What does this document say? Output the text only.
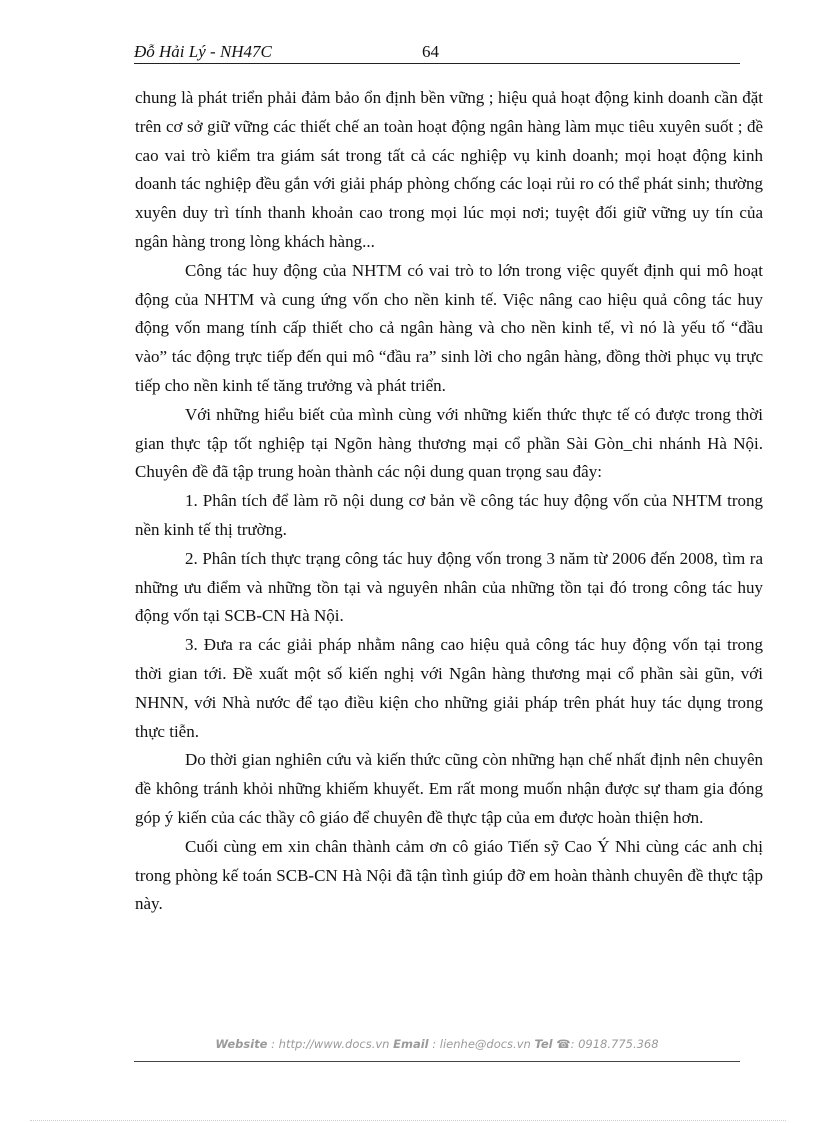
Đỗ Hải Lý - NH47C	64

chung là phát triển phải đảm bảo ổn định bền vững ; hiệu quả hoạt động kinh doanh cần đặt trên cơ sở giữ vững các thiết chế an toàn hoạt động ngân hàng làm mục tiêu xuyên suốt ; đề cao vai trò kiểm tra giám sát trong tất cả các nghiệp vụ kinh doanh; mọi hoạt động kinh doanh tác nghiệp đều gắn với giải pháp phòng chống các loại rủi ro có thể phát sinh; thường xuyên duy trì tính thanh khoản cao trong mọi lúc mọi nơi; tuyệt đối giữ vững uy tín của ngân hàng trong lòng khách hàng...

Công tác huy động của NHTM có vai trò to lớn trong việc quyết định qui mô hoạt động của NHTM và cung ứng vốn cho nền kinh tế. Việc nâng cao hiệu quả công tác huy động vốn mang tính cấp thiết cho cả ngân hàng và cho nền kinh tế, vì nó là yếu tố “đầu vào” tác động trực tiếp đến qui mô “đầu ra” sinh lời cho ngân hàng, đồng thời phục vụ trực tiếp cho nền kinh tế tăng trưởng và phát triển.

Với những hiểu biết của mình cùng với những kiến thức thực tế có được trong thời gian thực tập tốt nghiệp tại Ngõn hàng thương mại cổ phần Sài Gòn_chi nhánh Hà Nội. Chuyên đề đã tập trung hoàn thành các nội dung quan trọng sau đây:

1. Phân tích để làm rõ nội dung cơ bản về công tác huy động vốn của NHTM trong nền kinh tế thị trường.

2. Phân tích thực trạng công tác huy động vốn trong 3 năm từ 2006 đến 2008, tìm ra những ưu điểm và những tồn tại và nguyên nhân của những tồn tại đó trong công tác huy động vốn tại SCB-CN Hà Nội.

3. Đưa ra các giải pháp nhằm nâng cao hiệu quả công tác huy động vốn tại trong thời gian tới. Đề xuất một số kiến nghị với Ngân hàng thương mại cổ phần sài gũn, với NHNN, với Nhà nước để tạo điều kiện cho những giải pháp trên phát huy tác dụng trong thực tiễn.

Do thời gian nghiên cứu và kiến thức cũng còn những hạn chế nhất định nên chuyên đề không tránh khỏi những khiếm khuyết. Em rất mong muốn nhận được sự tham gia đóng góp ý kiến của các thầy cô giáo để chuyên đề thực tập của em được hoàn thiện hơn.

Cuối cùng em xin chân thành cảm ơn cô giáo Tiến sỹ Cao Ý Nhi cùng các anh chị trong phòng kế toán SCB-CN Hà Nội đã tận tình giúp đỡ em hoàn thành chuyên đề thực tập này.

Website : http://www.docs.vn Email : lienhe@docs.vn Tel ☎: 0918.775.368
